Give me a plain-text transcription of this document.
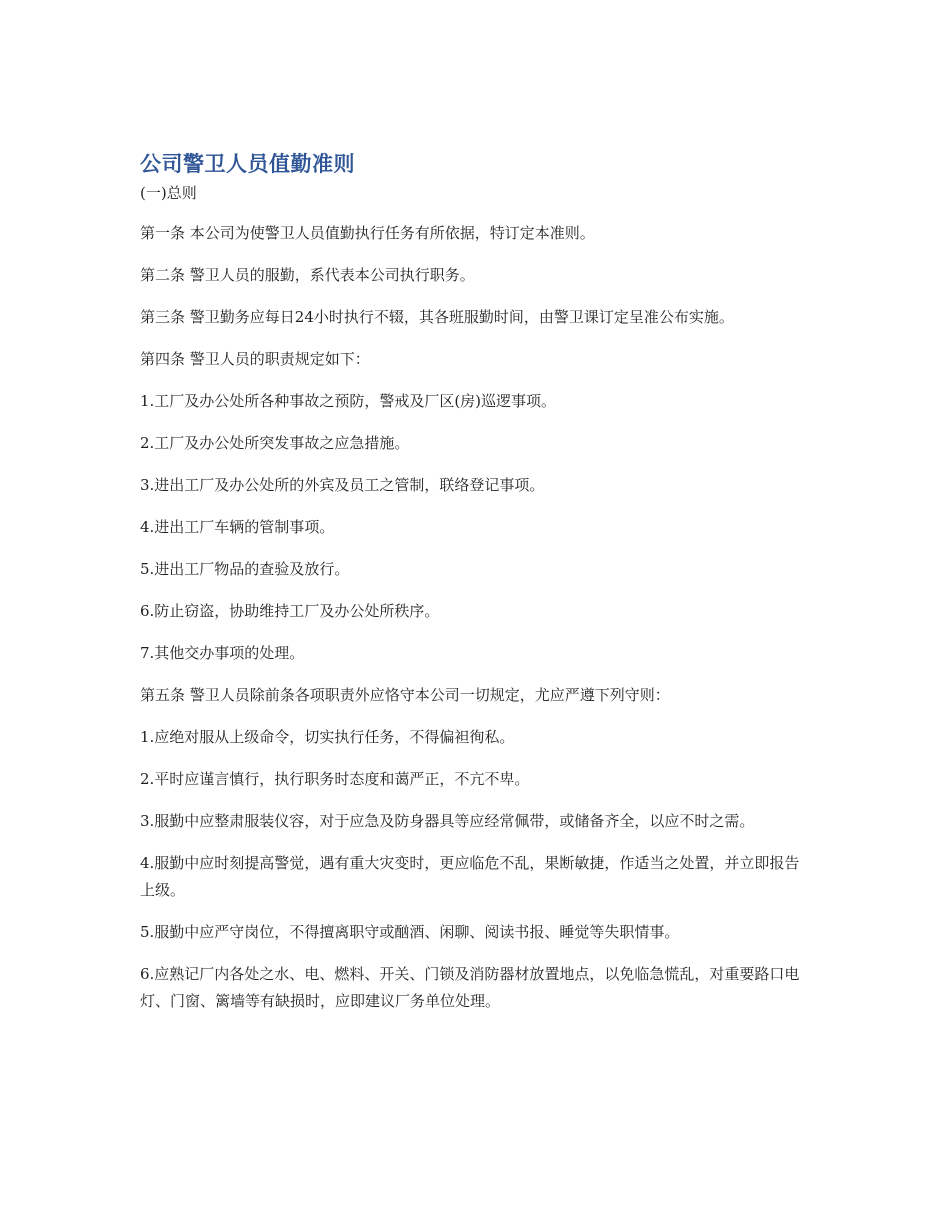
公司警卫人员值勤准则

(一)总则

第一条 本公司为使警卫人员值勤执行任务有所依据，特订定本准则。

第二条 警卫人员的服勤，系代表本公司执行职务。

第三条 警卫勤务应每日24小时执行不辍，其各班服勤时间，由警卫课订定呈准公布实施。

第四条 警卫人员的职责规定如下：

1.工厂及办公处所各种事故之预防，警戒及厂区(房)巡逻事项。

2.工厂及办公处所突发事故之应急措施。

3.进出工厂及办公处所的外宾及员工之管制，联络登记事项。

4.进出工厂车辆的管制事项。

5.进出工厂物品的查验及放行。

6.防止窃盗，协助维持工厂及办公处所秩序。

7.其他交办事项的处理。

第五条 警卫人员除前条各项职责外应恪守本公司一切规定，尤应严遵下列守则：

1.应绝对服从上级命令，切实执行任务，不得偏袒徇私。

2.平时应谨言慎行，执行职务时态度和蔼严正，不亢不卑。

3.服勤中应整肃服装仪容，对于应急及防身器具等应经常佩带，或储备齐全，以应不时之需。

4.服勤中应时刻提高警觉，遇有重大灾变时，更应临危不乱，果断敏捷，作适当之处置，并立即报告上级。

5.服勤中应严守岗位，不得擅离职守或酗酒、闲聊、阅读书报、睡觉等失职情事。

6.应熟记厂内各处之水、电、燃料、开关、门锁及消防器材放置地点，以免临急慌乱，对重要路口电灯、门窗、篱墙等有缺损时，应即建议厂务单位处理。
